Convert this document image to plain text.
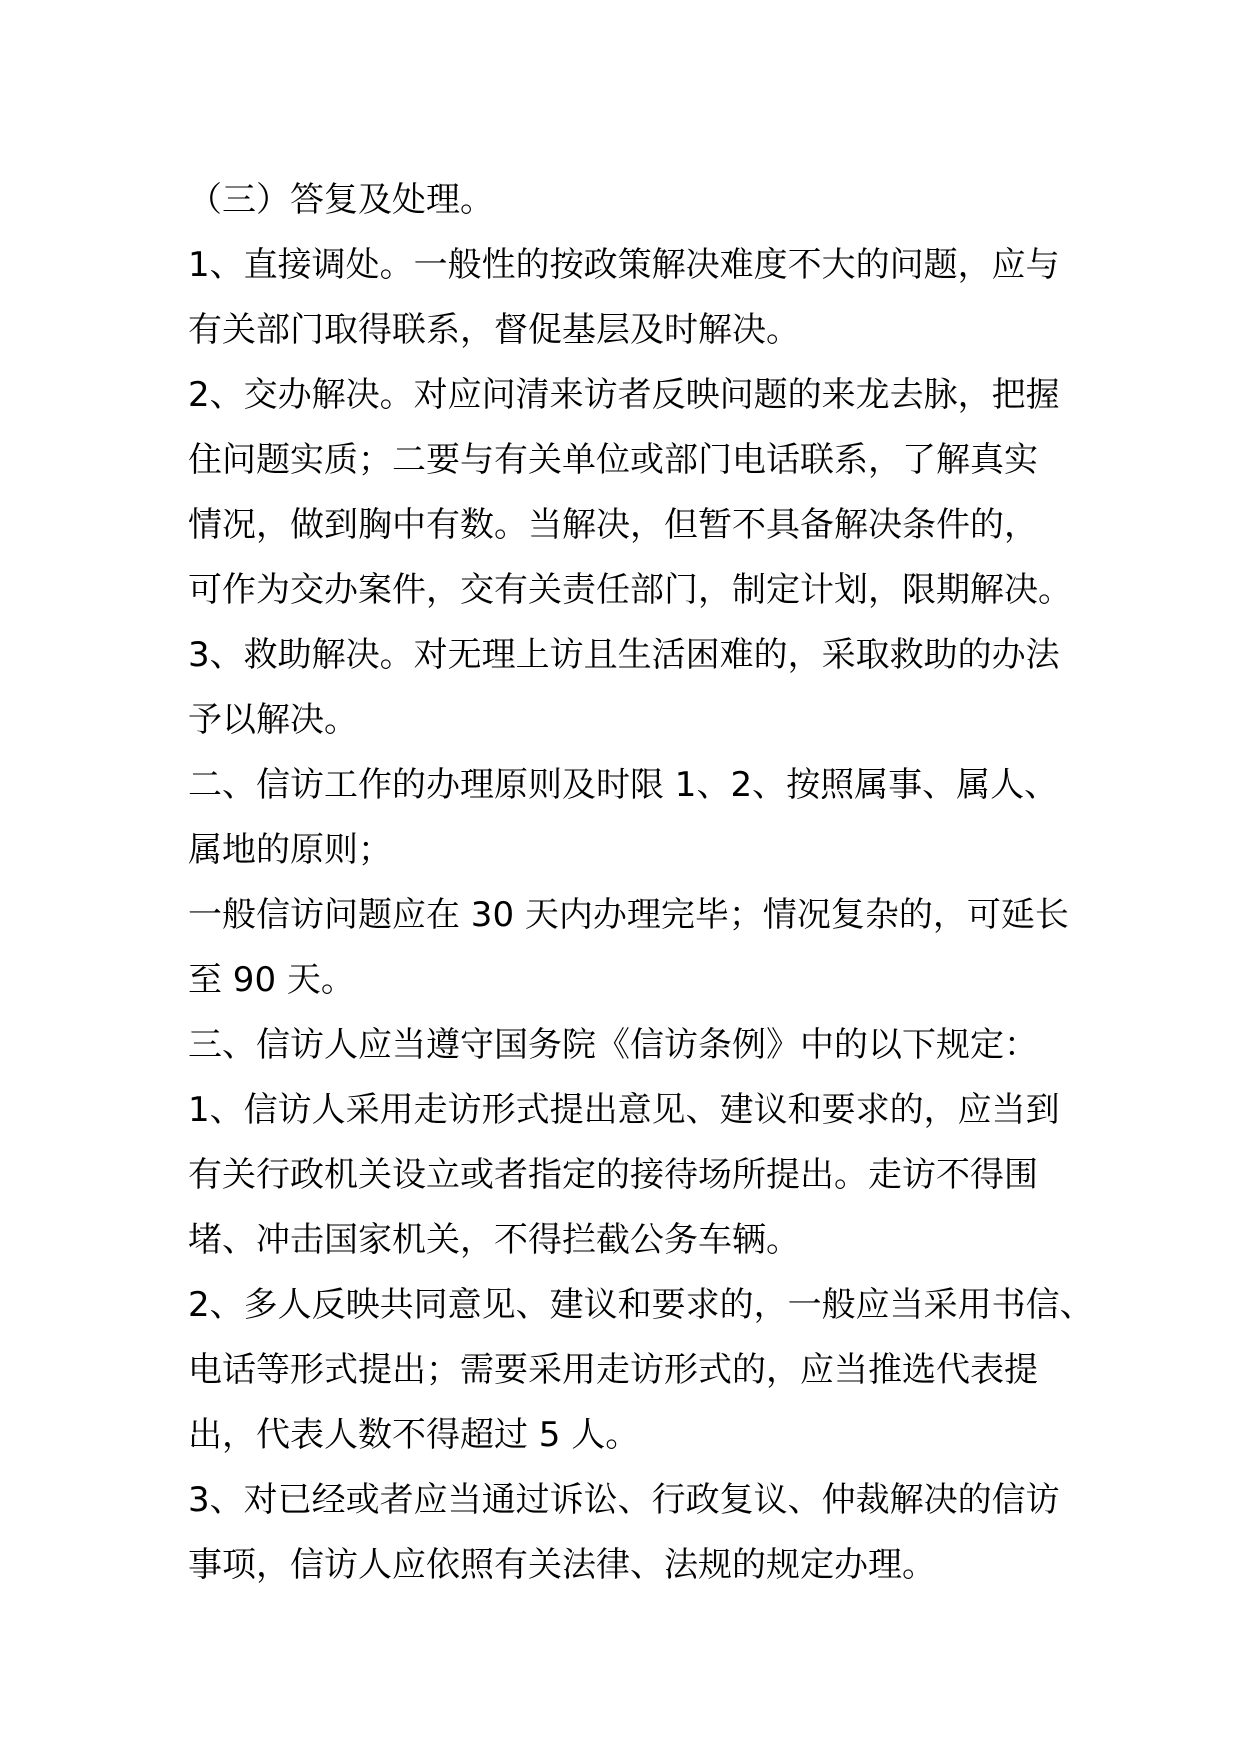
（三）答复及处理。
1、直接调处。一般性的按政策解决难度不大的问题，应与
有关部门取得联系，督促基层及时解决。
2、交办解决。对应问清来访者反映问题的来龙去脉，把握
住问题实质；二要与有关单位或部门电话联系，了解真实
情况，做到胸中有数。当解决，但暂不具备解决条件的，
可作为交办案件，交有关责任部门，制定计划，限期解决。
3、救助解决。对无理上访且生活困难的，采取救助的办法
予以解决。
二、信访工作的办理原则及时限 1、2、按照属事、属人、
属地的原则；
一般信访问题应在 30 天内办理完毕；情况复杂的，可延长
至 90 天。
三、信访人应当遵守国务院《信访条例》中的以下规定：
1、信访人采用走访形式提出意见、建议和要求的，应当到
有关行政机关设立或者指定的接待场所提出。走访不得围
堵、冲击国家机关，不得拦截公务车辆。
2、多人反映共同意见、建议和要求的，一般应当采用书信、
电话等形式提出；需要采用走访形式的，应当推选代表提
出，代表人数不得超过 5 人。
3、对已经或者应当通过诉讼、行政复议、仲裁解决的信访
事项，信访人应依照有关法律、法规的规定办理。
